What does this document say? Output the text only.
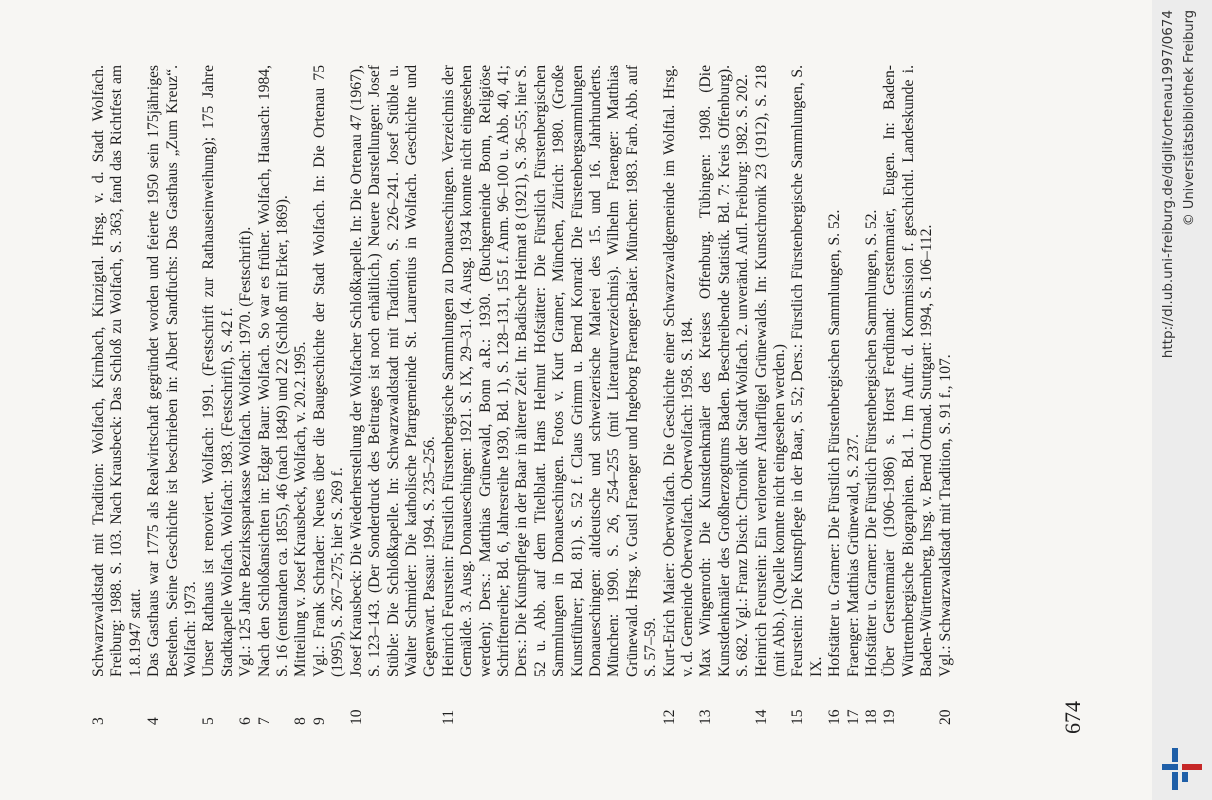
3
Schwarzwaldstadt mit Tradition: Wolfach, Kirnbach, Kinzigtal. Hrsg. v. d. Stadt Wolfach. Freiburg: 1988. S. 103. Nach Krausbeck: Das Schloß zu Wolfach, S. 363, fand das Richtfest am 1.8.1947 statt.
4
Das Gasthaus war 1775 als Realwirtschaft gegründet worden und feierte 1950 sein 175jähriges Bestehen. Seine Geschichte ist beschrieben in: Albert Sandfuchs: Das Gasthaus „Zum Kreuz“. Wolfach: 1973.
5
Unser Rathaus ist renoviert. Wolfach: 1991. (Festschrift zur Rathauseinweihung); 175 Jahre Stadtkapelle Wolfach. Wolfach: 1983. (Festschrift), S. 42 f.
6
Vgl.: 125 Jahre Bezirkssparkasse Wolfach. Wolfach: 1970. (Festschrift).
7
Nach den Schloßansichten in: Edgar Baur: Wolfach. So war es früher. Wolfach, Hausach: 1984, S. 16 (entstanden ca. 1855), 46 (nach 1849) und 22 (Schloß mit Erker, 1869).
8
Mitteilung v. Josef Krausbeck, Wolfach, v. 20.2.1995.
9
Vgl.: Frank Schrader: Neues über die Baugeschichte der Stadt Wolfach. In: Die Ortenau 75 (1995), S. 267–275; hier S. 269 f.
10
Josef Krausbeck: Die Wiederherstellung der Wolfacher Schloßkapelle. In: Die Ortenau 47 (1967), S. 123–143. (Der Sonderdruck des Beitrages ist noch erhältlich.) Neuere Darstellungen: Josef Stüble: Die Schloßkapelle. In: Schwarzwaldstadt mit Tradition, S. 226–241. Josef Stüble u. Walter Schmider: Die katholische Pfarrgemeinde St. Laurentius in Wolfach. Geschichte und Gegenwart. Passau: 1994. S. 235–256.
11
Heinrich Feurstein: Fürstlich Fürstenbergische Sammlungen zu Donaueschingen. Verzeichnis der Gemälde. 3. Ausg. Donaueschingen: 1921. S. IX, 29–31. (4. Ausg. 1934 konnte nicht eingesehen werden); Ders.: Matthias Grünewald, Bonn a.R.: 1930. (Buchgemeinde Bonn, Religiöse Schriftenreihe; Bd. 6, Jahresreihe 1930, Bd. 1), S. 128–131, 155 f. Anm. 96–100 u. Abb. 40, 41; Ders.: Die Kunstpflege in der Baar in älterer Zeit. In: Badische Heimat 8 (1921), S. 36–55; hier S. 52 u. Abb. auf dem Titelblatt. Hans Helmut Hofstätter: Die Fürstlich Fürstenbergischen Sammlungen in Donaueschingen. Fotos v. Kurt Gramer, München, Zürich: 1980. (Große Kunstführer; Bd. 81). S. 52 f. Claus Grimm u. Bernd Konrad: Die Fürstenbergsammlungen Donaueschingen: altdeutsche und schweizerische Malerei des 15. und 16. Jahrhunderts. München: 1990. S. 26, 254–255 (mit Literaturverzeichnis). Wilhelm Fraenger: Matthias Grünewald. Hrsg. v. Gustl Fraenger und Ingeborg Fraenger-Baier. München: 1983. Farb. Abb. auf S. 57–59.
12
Kurt-Erich Maier: Oberwolfach. Die Geschichte einer Schwarzwaldgemeinde im Wolftal. Hrsg. v. d. Gemeinde Oberwolfach. Oberwolfach: 1958. S. 184.
13
Max Wingenroth: Die Kunstdenkmäler des Kreises Offenburg. Tübingen: 1908. (Die Kunstdenkmäler des Großherzogtums Baden. Beschreibende Statistik. Bd. 7: Kreis Offenburg). S. 682. Vgl.: Franz Disch: Chronik der Stadt Wolfach. 2. unveränd. Aufl. Freiburg: 1982. S. 202.
14
Heinrich Feurstein: Ein verlorener Altarflügel Grünewalds. In: Kunstchronik 23 (1912), S. 218 (mit Abb.). (Quelle konnte nicht eingesehen werden.)
15
Feurstein: Die Kunstpflege in der Baar, S. 52; Ders.: Fürstlich Fürstenbergische Sammlungen, S. IX.
16
Hofstätter u. Gramer: Die Fürstlich Fürstenbergischen Sammlungen, S. 52.
17
Fraenger: Matthias Grünewald, S. 237.
18
Hofstätter u. Gramer: Die Fürstlich Fürstenbergischen Sammlungen, S. 52.
19
Über Gerstenmaier (1906–1986) s. Horst Ferdinand: Gerstenmaier, Eugen. In: Baden-Württembergische Biographien. Bd. 1. Im Auftr. d. Kommission f. geschichtl. Landeskunde i. Baden-Württemberg, hrsg. v. Bernd Ottnad. Stuttgart: 1994, S. 106–112.
20
Vgl.: Schwarzwaldstadt mit Tradition, S. 91 f., 107.
674
http://dl.ub.uni-freiburg.de/diglit/ortenau1997/0674 © Universitätsbibliothek Freiburg
